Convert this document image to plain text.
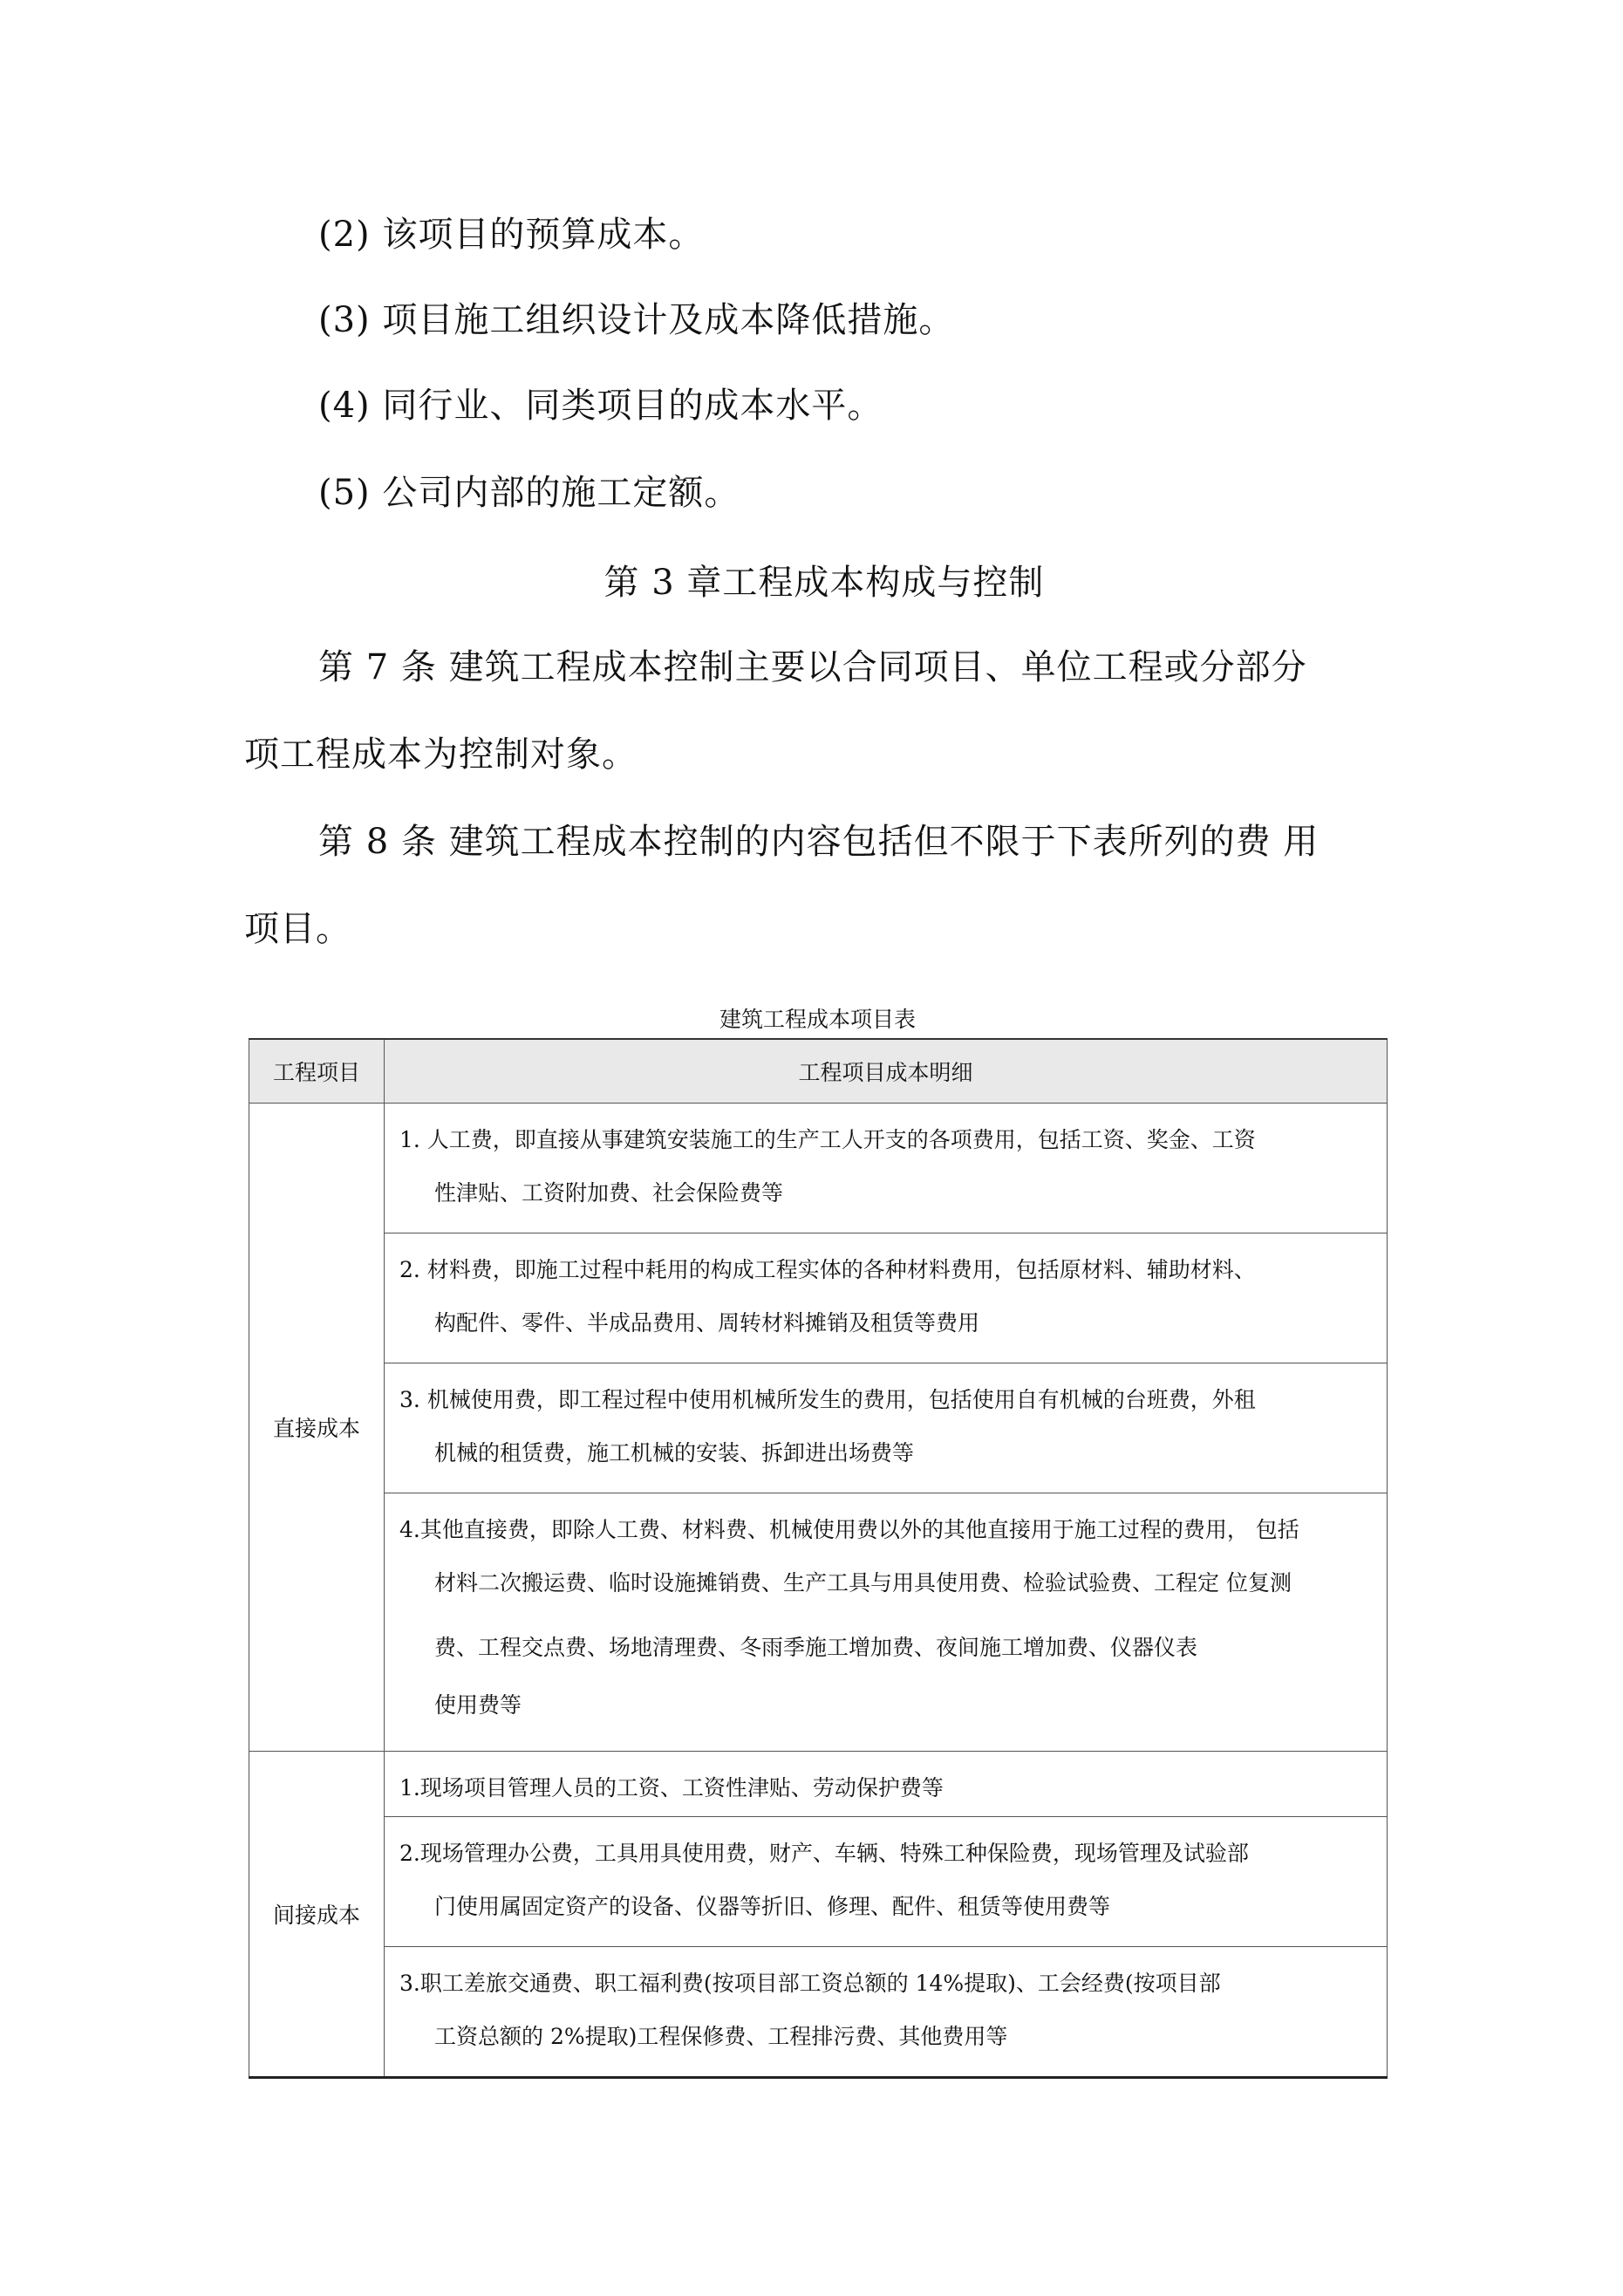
(2) 该项目的预算成本。

(3) 项目施工组织设计及成本降低措施。

(4) 同行业、同类项目的成本水平。

(5) 公司内部的施工定额。

第 3 章工程成本构成与控制

第 7 条 建筑工程成本控制主要以合同项目、单位工程或分部分

项工程成本为控制对象。

第 8 条 建筑工程成本控制的内容包括但不限于下表所列的费 用

项目。

建筑工程成本项目表
工程项目	工程项目成本明细
直接成本	1. 人工费，即直接从事建筑安装施工的生产工人开支的各项费用，包括工资、奖金、工资
性津贴、工资附加费、社会保险费等

	2. 材料费，即施工过程中耗用的构成工程实体的各种材料费用，包括原材料、辅助材料、
构配件、零件、半成品费用、周转材料摊销及租赁等费用

	3. 机械使用费，即工程过程中使用机械所发生的费用，包括使用自有机械的台班费，外租
机械的租赁费，施工机械的安装、拆卸进出场费等

	4.其他直接费，即除人工费、材料费、机械使用费以外的其他直接用于施工过程的费用， 包括
材料二次搬运费、临时设施摊销费、生产工具与用具使用费、检验试验费、工程定 位复测
费、工程交点费、场地清理费、冬雨季施工增加费、夜间施工增加费、仪器仪表
使用费等

间接成本	1.现场项目管理人员的工资、工资性津贴、劳动保护费等

	2.现场管理办公费，工具用具使用费，财产、车辆、特殊工种保险费，现场管理及试验部
门使用属固定资产的设备、仪器等折旧、修理、配件、租赁等使用费等

	3.职工差旅交通费、职工福利费(按项目部工资总额的 14%提取)、工会经费(按项目部
工资总额的 2%提取)工程保修费、工程排污费、其他费用等
